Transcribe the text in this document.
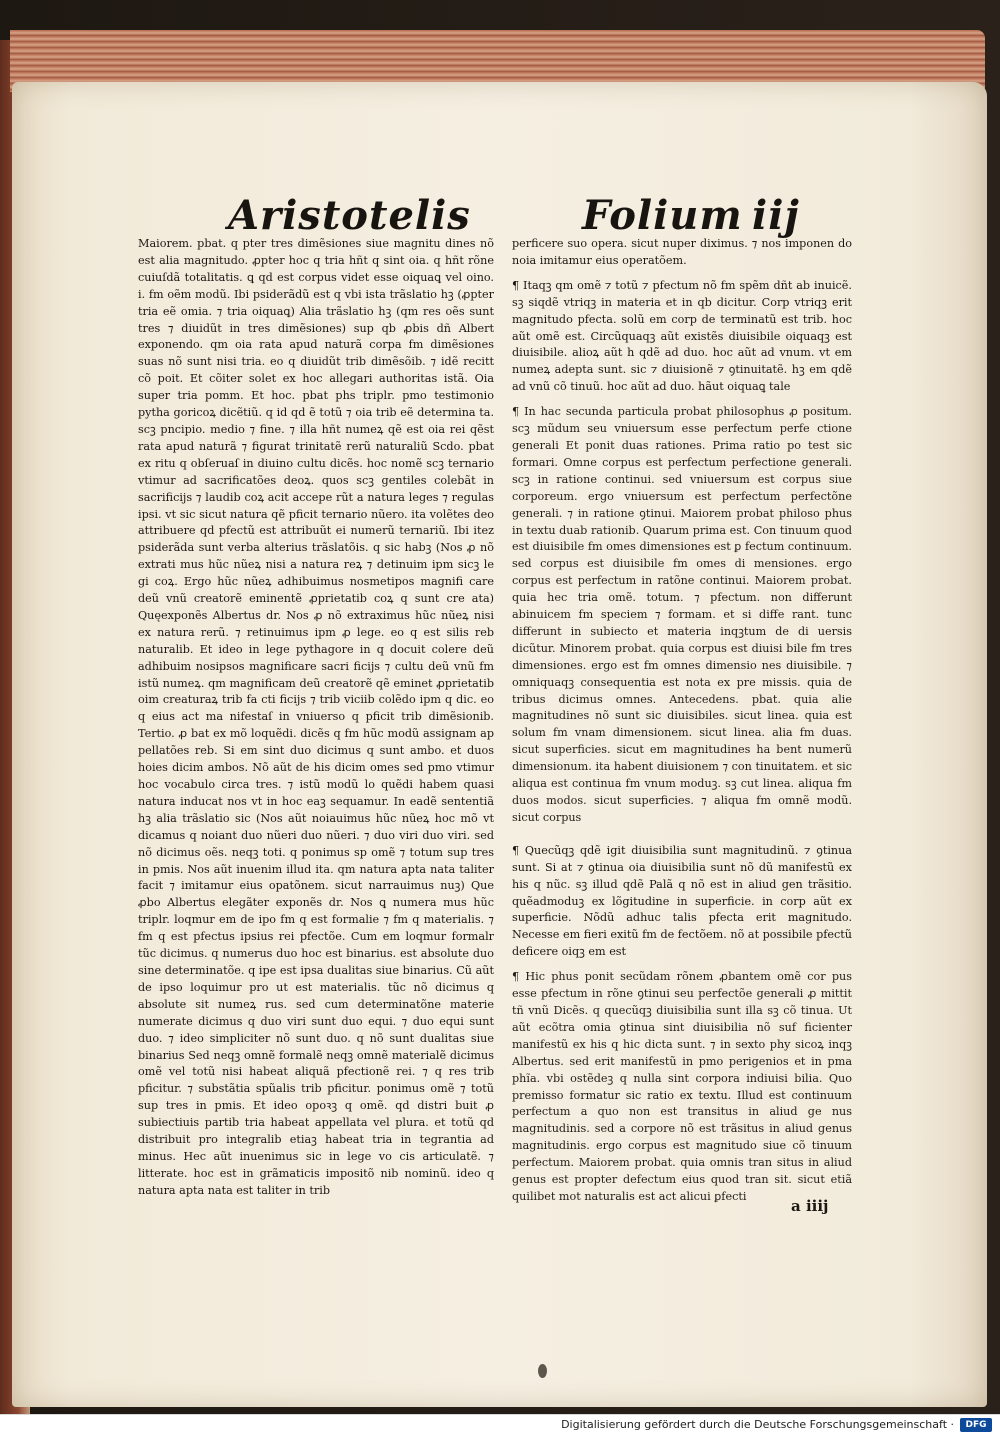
Aristotelis	Folium iij

Maiorem. pbat. q pter tres dimẽsiones siue magnitu dines nõ est alia magnitudo. ꝓpter hoc q tria hñt q sint oia. q hñt rõne cuiuſdã totalitatis. ꝗ qd est corpus videt esse oiquaꝗ vel oino. i. fm oẽm modũ. Ibi psiderãdũ est q vbi ista trãslatio hꝫ (ꝓpter tria eẽ omia. ⁊ tria oiquaꝗ) Alia trãslatio hꝫ (qm res oẽs sunt tres ⁊ diuidũt in tres dimẽsiones) sup qb ꝓbis dñ Albert exponendo. qm oia rata apud naturã corpa fm dimẽsiones suas nõ sunt nisi tria. eo q diuidũt trib dimẽsõib. ⁊ idẽ recitt cõ poit. Et cõiter solet ex hoc allegari authoritas istã. Oia super tria pomm. Et hoc. pbat phs triplr. pmo testimonio pytha goricoꝝ dicẽtiũ. q id qd ẽ totũ ⁊ oia trib eẽ determina ta. scꝫ pncipio. medio ⁊ fine. ⁊ illa hñt numeꝝ qẽ est oia rei qẽst rata apud naturã ⁊ figurat trinitatẽ rerũ naturaliũ Scdo. pbat ex ritu q obſeruaſ in diuino cultu dicẽs. hoc nomẽ scꝫ ternario vtimur ad sacrificatões deoꝝ. quos scꝫ gentiles colebãt in sacrificijs ⁊ laudib coꝝ acit accepe rũt a natura leges ⁊ regulas ipsi. vt sic sicut natura qẽ pficit ternario nũero. ita volẽtes deo attribuere qd pfectũ est attribuũt ei numerũ ternariũ. Ibi itez psiderãda sunt verba alterius trãslatõis. q sic habꝫ (Nos ꝓ nõ extrati mus hũc nũeꝝ nisi a natura reꝝ ⁊ detinuim ipm sicꝫ le gi coꝝ. Ergo hũc nũeꝝ adhibuimus nosmetipos magnifi care deũ vnũ creatorẽ eminentẽ ꝓprietatib coꝝ q sunt cre ata) Quęexponẽs Albertus dr. Nos ꝓ nõ extraximus hũc nũeꝝ nisi ex natura rerũ. ⁊ retinuimus ipm ꝓ lege. eo q est silis reb naturalib. Et ideo in lege pythagore in q docuit colere deũ adhibuim nosipsos magnificare sacri ficijs ⁊ cultu deũ vnũ fm istũ numeꝝ. qm magnificam deũ creatorẽ qẽ eminet ꝓprietatib oim creaturaꝝ trib fa cti ficijs ⁊ trib viciib colẽdo ipm q dic. eo q eius act ma nifestaſ in vniuerso q pficit trib dimẽsionib. Tertio. ꝓ bat ex mõ loquẽdi. dicẽs q fm hũc modũ assignam ap pellatões reb. Si em sint duo dicimus q sunt ambo. et duos hoies dicim ambos. Nõ aũt de his dicim omes sed pmo vtimur hoc vocabulo circa tres. ⁊ istũ modũ lo quẽdi habem quasi natura inducat nos vt in hoc eaꝫ sequamur. In eadẽ sententiã hꝫ alia trãslatio sic (Nos aũt noiauimus hũc nũeꝝ hoc mõ vt dicamus q noiant duo nũeri duo nũeri. ⁊ duo viri duo viri. sed nõ dicimus oẽs. neqꝫ toti. q ponimus sp omẽ ⁊ totum sup tres in pmis. Nos aũt inuenim illud ita. qm natura apta nata taliter facit ⁊ imitamur eius opatõnem. sicut narrauimus nuꝫ) Que ꝓbo Albertus elegãter exponẽs dr. Nos ꝗ numera mus hũc triplr. loqmur em de ipo fm q est formalie ⁊ fm q materialis. ⁊ fm q est pfectus ipsius rei pfectõe. Cum em loqmur formalr tũc dicimus. q numerus duo hoc est binarius. est absolute duo sine determinatõe. q ipe est ipsa dualitas siue binarius. Cũ aũt de ipso loquimur pro ut est materialis. tũc nõ dicimus q absolute sit numeꝝ rus. sed cum determinatõne materie numerate dicimus q duo viri sunt duo equi. ⁊ duo equi sunt duo. ⁊ ideo simpliciter nõ sunt duo. q nõ sunt dualitas siue binarius Sed neqꝫ omnẽ formalẽ neqꝫ omnẽ materialẽ dicimus omẽ vel totũ nisi habeat aliquã pfectionẽ rei. ⁊ q res trib pficitur. ⁊ substãtia spũalis trib pficitur. ponimus omẽ ⁊ totũ sup tres in pmis. Et ideo opoꝛꝫ q omẽ. qd distri buit ꝓ subiectiuis partib tria habeat appellata vel plura. et totũ qd distribuit pro integralib etiaꝫ habeat tria in tegrantia ad minus. Hec aũt inuenimus sic in lege vo cis articulatẽ. ⁊ litterate. hoc est in grãmaticis impositõ nib nominũ. ideo q natura apta nata est taliter in trib

perficere suo opera. sicut nuper diximus. ⁊ nos imponen do noia imitamur eius operatõem.

¶ Itaqꝫ qm omẽ ⁊ totũ ⁊ pfectum nõ fm spẽm dñt ab inuicẽ. sꝫ siqdẽ vtriqꝫ in materia et in qb dicitur. Corp vtriqꝫ erit magnitudo pfecta. solũ em corp de terminatũ est trib. hoc aũt omẽ est. Circũquaqꝫ aũt existẽs diuisibile oiquaqꝫ est diuisibile. alioꝝ aũt h qdẽ ad duo. hoc aũt ad vnum. vt em numeꝝ adepta sunt. sic ⁊ diuisionẽ ⁊ ꝯtinuitatẽ. hꝫ em qdẽ ad vnũ cõ tinuũ. hoc aũt ad duo. hãut oiquaꝗ tale

¶ In hac secunda particula probat philosophus ꝓ positum. scꝫ mũdum seu vniuersum esse perfectum perfe ctione generali Et ponit duas rationes. Prima ratio po test sic formari. Omne corpus est perfectum perfectione generali. scꝫ in ratione continui. sed vniuersum est corpus siue corporeum. ergo vniuersum est perfectum perfectõne generali. ⁊ in ratione ꝯtinui. Maiorem probat philoso phus in textu duab rationib. Quarum prima est. Con tinuum quod est diuisibile fm omes dimensiones est ꝑ fectum continuum. sed corpus est diuisibile fm omes di mensiones. ergo corpus est perfectum in ratõne continui. Maiorem probat. quia hec tria omẽ. totum. ⁊ pfectum. non differunt abinuicem fm speciem ⁊ formam. et si diffe rant. tunc differunt in subiecto et materia inqꝫtum de di uersis dicũtur. Minorem probat. quia corpus est diuisi bile fm tres dimensiones. ergo est fm omnes dimensio nes diuisibile. ⁊ omniquaqꝫ consequentia est nota ex pre missis. quia de tribus dicimus omnes. Antecedens. pbat. quia alie magnitudines nõ sunt sic diuisibiles. sicut linea. quia est solum fm vnam dimensionem. sicut linea. alia fm duas. sicut superficies. sicut em magnitudines ha bent numerũ dimensionum. ita habent diuisionem ⁊ con tinuitatem. et sic aliqua est continua fm vnum moduꝫ. sꝫ cut linea. aliqua fm duos modos. sicut superficies. ⁊ aliqua fm omnẽ modũ. sicut corpus

¶ Quecũqꝫ qdẽ igit diuisibilia sunt magnitudinũ. ⁊ ꝯtinua sunt. Si at ⁊ ꝯtinua oia diuisibilia sunt nõ dũ manifestũ ex his q nũc. sꝫ illud qdẽ Palã q nõ est in aliud gen trãsitio. quẽadmoduꝫ ex lõgitudine in superficie. in corp aũt ex superficie. Nõdũ adhuc talis pfecta erit magnitudo. Necesse em fieri exitũ fm de fectõem. nõ at possibile pfectũ deficere oiqꝫ em est

¶ Hic phus ponit secũdam rõnem ꝓbantem omẽ cor pus esse pfectum in rõne ꝯtinui seu perfectõe generali ꝓ mittit tñ vnũ Dicẽs. q quecũqꝫ diuisibilia sunt illa sꝫ cõ tinua. Ut aũt ecõtra omia ꝯtinua sint diuisibilia nõ suf ficienter manifestũ ex his q hic dicta sunt. ⁊ in sexto phy sicoꝝ inqꝫ Albertus. sed erit manifestũ in pmo perigenios et in pma phĩa. vbi ostẽdeꝫ q nulla sint corpora indiuisi bilia. Quo premisso formatur sic ratio ex textu. Illud est continuum perfectum a quo non est transitus in aliud ge nus magnitudinis. sed a corpore nõ est trãsitus in aliud genus magnitudinis. ergo corpus est magnitudo siue cõ tinuum perfectum. Maiorem probat. quia omnis tran situs in aliud genus est propter defectum eius quod tran sit. sicut etiã quilibet mot naturalis est act alicui ꝑfecti

a iiij
Digitalisierung gefördert durch die Deutsche Forschungsgemeinschaft ·	DFG
